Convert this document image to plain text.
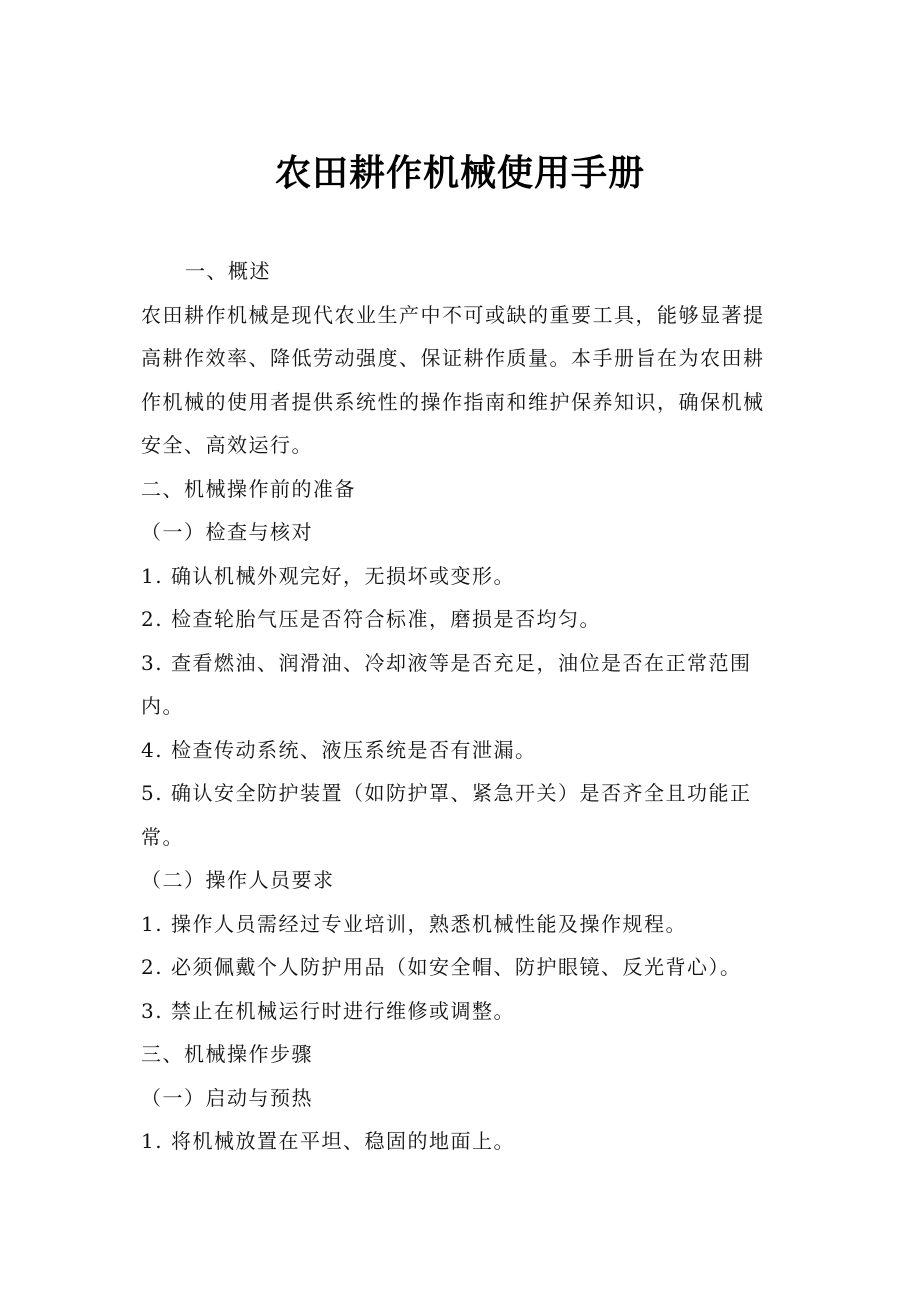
农田耕作机械使用手册

一、概述

农田耕作机械是现代农业生产中不可或缺的重要工具，能够显著提高耕作效率、降低劳动强度、保证耕作质量。本手册旨在为农田耕作机械的使用者提供系统性的操作指南和维护保养知识，确保机械安全、高效运行。

二、机械操作前的准备

（一）检查与核对

1. 确认机械外观完好，无损坏或变形。

2. 检查轮胎气压是否符合标准，磨损是否均匀。

3. 查看燃油、润滑油、冷却液等是否充足，油位是否在正常范围内。

4. 检查传动系统、液压系统是否有泄漏。

5. 确认安全防护装置（如防护罩、紧急开关）是否齐全且功能正常。

（二）操作人员要求

1. 操作人员需经过专业培训，熟悉机械性能及操作规程。

2. 必须佩戴个人防护用品（如安全帽、防护眼镜、反光背心）。

3. 禁止在机械运行时进行维修或调整。

三、机械操作步骤

（一）启动与预热

1. 将机械放置在平坦、稳固的地面上。
